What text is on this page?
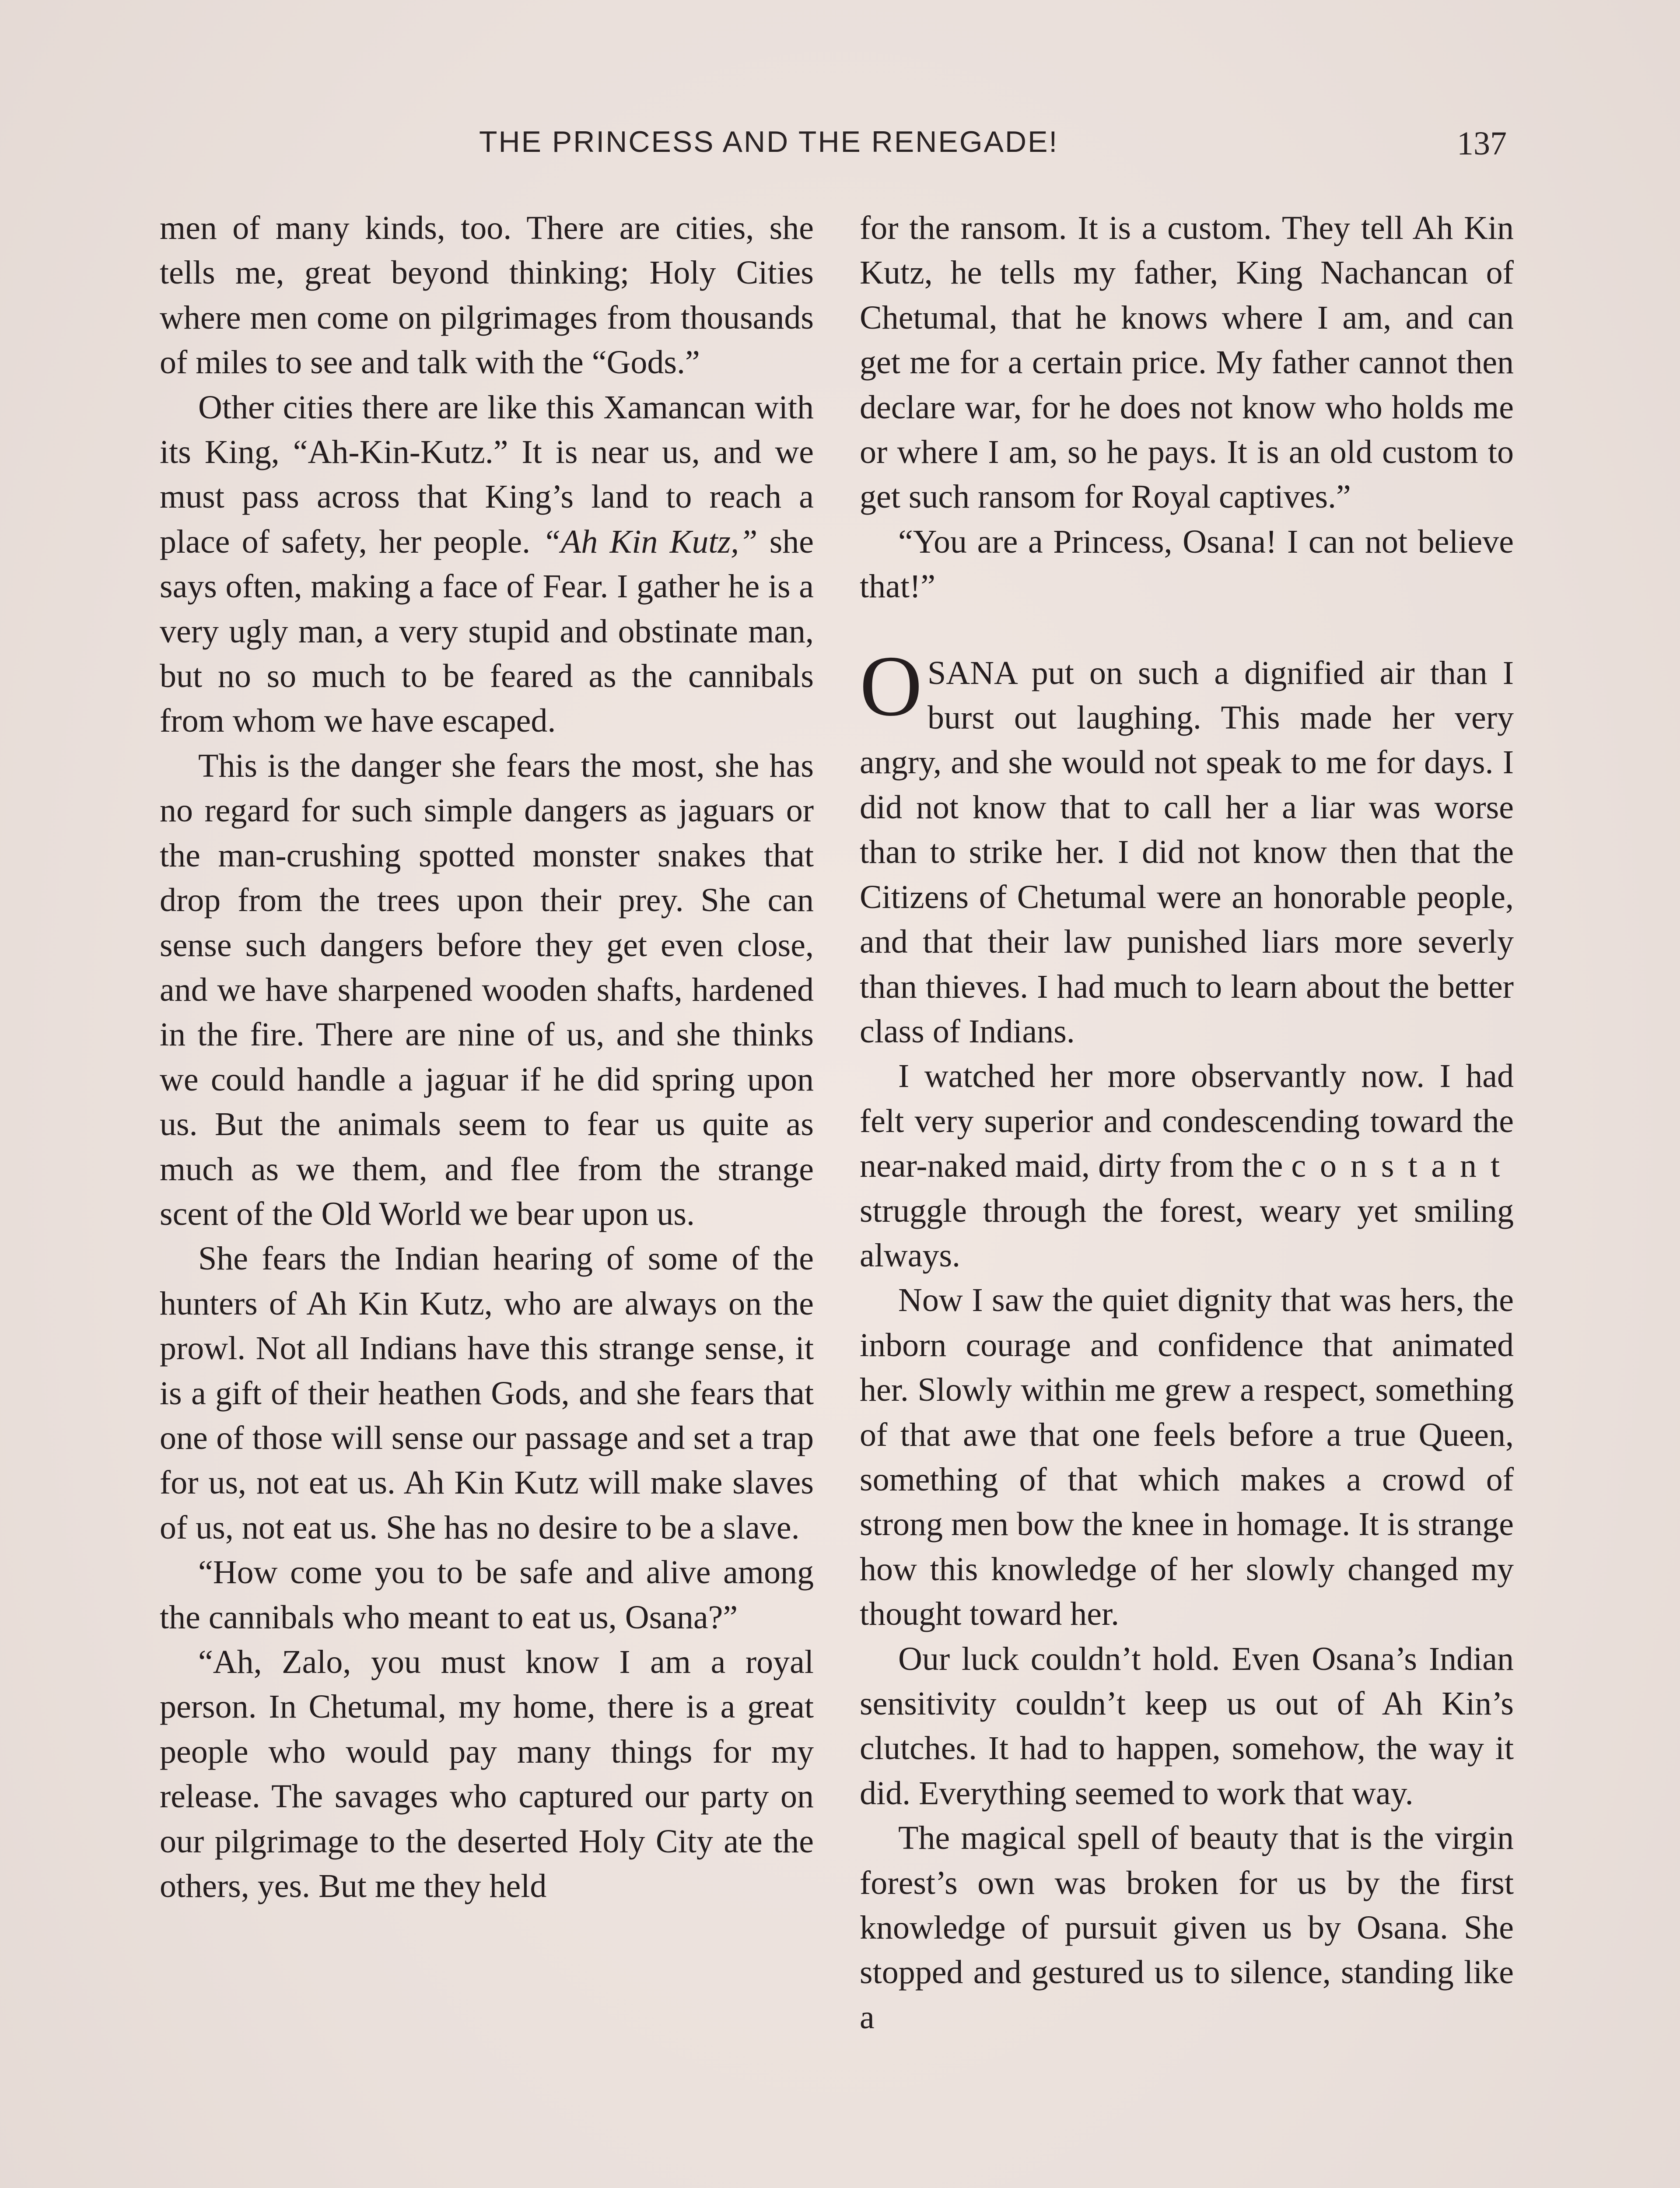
THE PRINCESS AND THE RENEGADE!	137

men of many kinds, too. There are cities, she tells me, great beyond thinking; Holy Cities where men come on pilgrimages from thousands of miles to see and talk with the “Gods.”

Other cities there are like this Xamancan with its King, “Ah-Kin-Kutz.” It is near us, and we must pass across that King’s land to reach a place of safety, her people. “Ah Kin Kutz,” she says often, making a face of Fear. I gather he is a very ugly man, a very stupid and obstinate man, but no so much to be feared as the cannibals from whom we have escaped.

This is the danger she fears the most, she has no regard for such simple dangers as jaguars or the man-crushing spotted monster snakes that drop from the trees upon their prey. She can sense such dangers before they get even close, and we have sharpened wooden shafts, hardened in the fire. There are nine of us, and she thinks we could handle a jaguar if he did spring upon us. But the animals seem to fear us quite as much as we them, and flee from the strange scent of the Old World we bear upon us.

She fears the Indian hearing of some of the hunters of Ah Kin Kutz, who are always on the prowl. Not all Indians have this strange sense, it is a gift of their heathen Gods, and she fears that one of those will sense our passage and set a trap for us, not eat us. Ah Kin Kutz will make slaves of us, not eat us. She has no desire to be a slave.

“How come you to be safe and alive among the cannibals who meant to eat us, Osana?”

“Ah, Zalo, you must know I am a royal person. In Chetumal, my home, there is a great people who would pay many things for my release. The savages who captured our party on our pilgrimage to the deserted Holy City ate the others, yes. But me they held

for the ransom. It is a custom. They tell Ah Kin Kutz, he tells my father, King Nachancan of Chetumal, that he knows where I am, and can get me for a certain price. My father cannot then declare war, for he does not know who holds me or where I am, so he pays. It is an old custom to get such ransom for Royal captives.”

“You are a Princess, Osana! I can not believe that!”

OSANA put on such a dignified air than I burst out laughing. This made her very angry, and she would not speak to me for days. I did not know that to call her a liar was worse than to strike her. I did not know then that the Citizens of Chetumal were an honorable people, and that their law punished liars more severly than thieves. I had much to learn about the better class of Indians.

I watched her more observantly now. I had felt very superior and condescending toward the near-naked maid, dirty from the constant struggle through the forest, weary yet smiling always.

Now I saw the quiet dignity that was hers, the inborn courage and confidence that animated her. Slowly within me grew a respect, something of that awe that one feels before a true Queen, something of that which makes a crowd of strong men bow the knee in homage. It is strange how this knowledge of her slowly changed my thought toward her.

Our luck couldn’t hold. Even Osana’s Indian sensitivity couldn’t keep us out of Ah Kin’s clutches. It had to happen, somehow, the way it did. Everything seemed to work that way.

The magical spell of beauty that is the virgin forest’s own was broken for us by the first knowledge of pursuit given us by Osana. She stopped and gestured us to silence, standing like a
